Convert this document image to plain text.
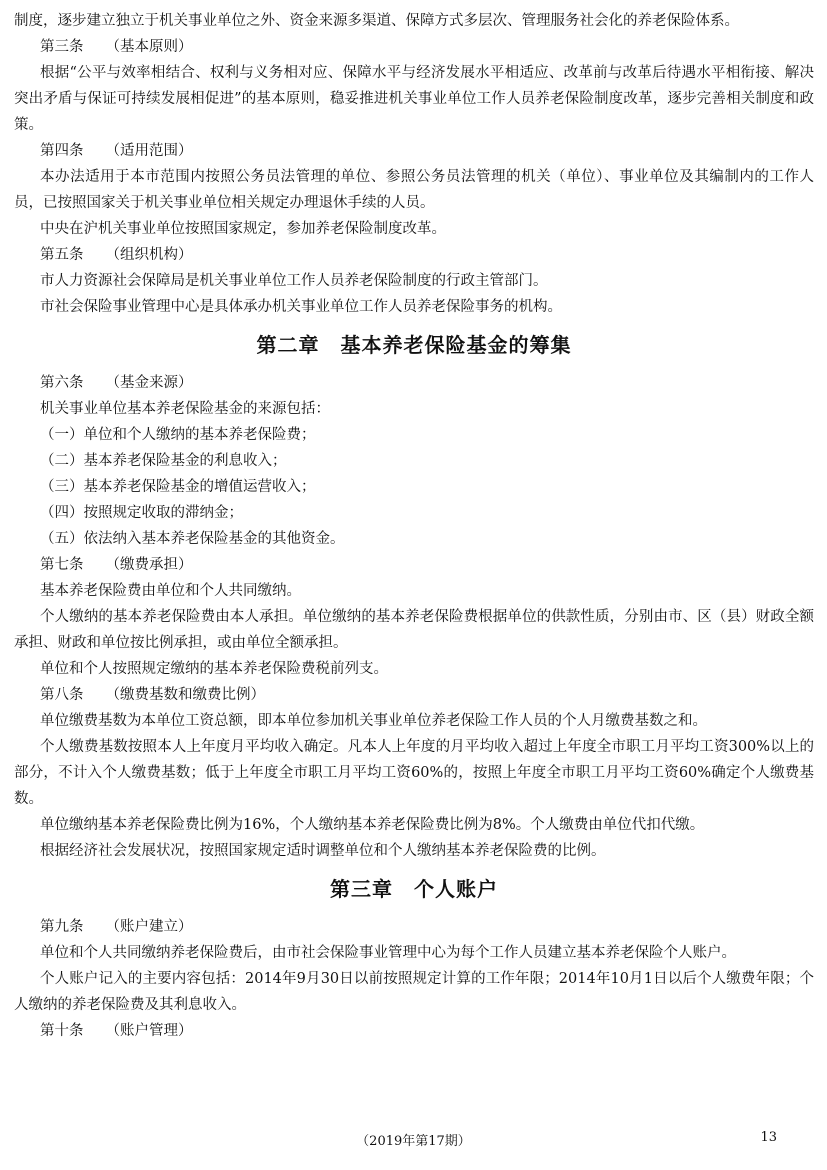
制度，逐步建立独立于机关事业单位之外、资金来源多渠道、保障方式多层次、管理服务社会化的养老保险体系。

第三条 （基本原则）

根据“公平与效率相结合、权利与义务相对应、保障水平与经济发展水平相适应、改革前与改革后待遇水平相衔接、解决突出矛盾与保证可持续发展相促进”的基本原则，稳妥推进机关事业单位工作人员养老保险制度改革，逐步完善相关制度和政策。

第四条 （适用范围）

本办法适用于本市范围内按照公务员法管理的单位、参照公务员法管理的机关（单位）、事业单位及其编制内的工作人员，已按照国家关于机关事业单位相关规定办理退休手续的人员。

中央在沪机关事业单位按照国家规定，参加养老保险制度改革。

第五条 （组织机构）

市人力资源社会保障局是机关事业单位工作人员养老保险制度的行政主管部门。

市社会保险事业管理中心是具体承办机关事业单位工作人员养老保险事务的机构。

第二章　基本养老保险基金的筹集
第六条 （基金来源）

机关事业单位基本养老保险基金的来源包括：

（一）单位和个人缴纳的基本养老保险费；

（二）基本养老保险基金的利息收入；

（三）基本养老保险基金的增值运营收入；

（四）按照规定收取的滞纳金；

（五）依法纳入基本养老保险基金的其他资金。

第七条 （缴费承担）

基本养老保险费由单位和个人共同缴纳。

个人缴纳的基本养老保险费由本人承担。单位缴纳的基本养老保险费根据单位的供款性质，分别由市、区（县）财政全额承担、财政和单位按比例承担，或由单位全额承担。

单位和个人按照规定缴纳的基本养老保险费税前列支。

第八条 （缴费基数和缴费比例）

单位缴费基数为本单位工资总额，即本单位参加机关事业单位养老保险工作人员的个人月缴费基数之和。

个人缴费基数按照本人上年度月平均收入确定。凡本人上年度的月平均收入超过上年度全市职工月平均工资300%以上的部分，不计入个人缴费基数；低于上年度全市职工月平均工资60%的，按照上年度全市职工月平均工资60%确定个人缴费基数。

单位缴纳基本养老保险费比例为16%，个人缴纳基本养老保险费比例为8%。个人缴费由单位代扣代缴。

根据经济社会发展状况，按照国家规定适时调整单位和个人缴纳基本养老保险费的比例。

第三章　个人账户
第九条 （账户建立）

单位和个人共同缴纳养老保险费后，由市社会保险事业管理中心为每个工作人员建立基本养老保险个人账户。

个人账户记入的主要内容包括：2014年9月30日以前按照规定计算的工作年限；2014年10月1日以后个人缴费年限；个人缴纳的养老保险费及其利息收入。

第十条 （账户管理）
（2019年第17期）	13
